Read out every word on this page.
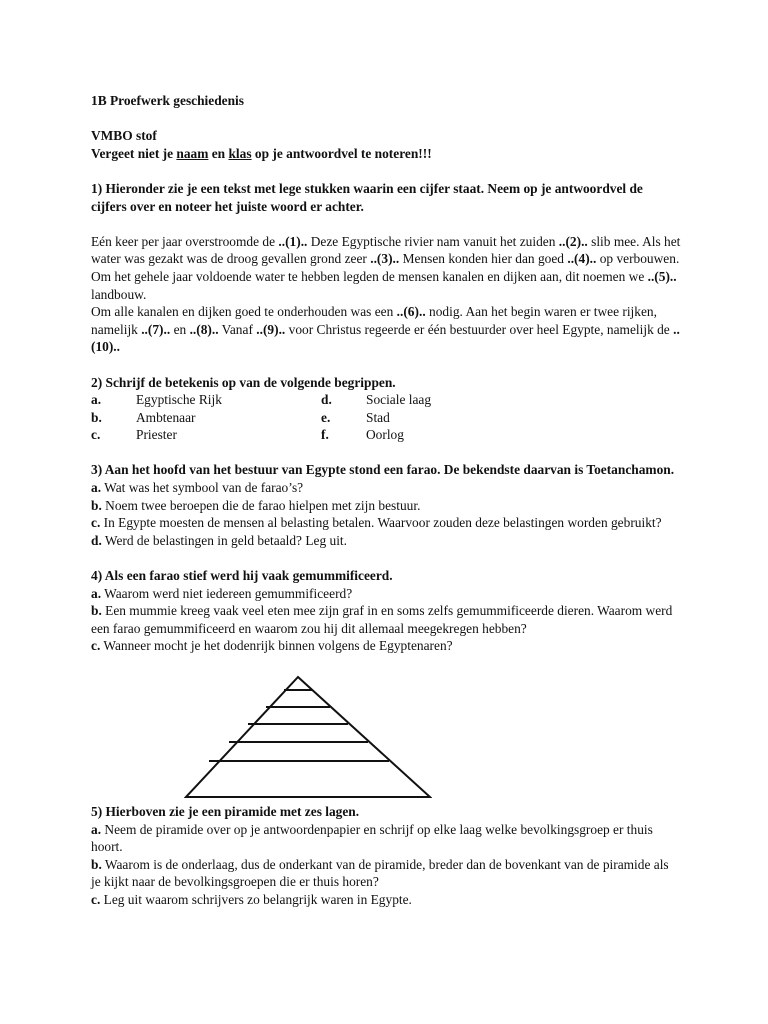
1B Proefwerk geschiedenis

VMBO stof

Vergeet niet je naam en klas op je antwoordvel te noteren!!!

1) Hieronder zie je een tekst met lege stukken waarin een cijfer staat. Neem op je antwoordvel de cijfers over en noteer het juiste woord er achter.

Eén keer per jaar overstroomde de ..(1).. Deze Egyptische rivier nam vanuit het zuiden ..(2).. slib mee. Als het water was gezakt was de droog gevallen grond zeer ..(3).. Mensen konden hier dan goed ..(4).. op verbouwen. Om het gehele jaar voldoende water te hebben legden de mensen kanalen en dijken aan, dit noemen we ..(5).. landbouw.

Om alle kanalen en dijken goed te onderhouden was een ..(6).. nodig. Aan het begin waren er twee rijken, namelijk ..(7).. en ..(8).. Vanaf ..(9).. voor Christus regeerde er één bestuurder over heel Egypte, namelijk de ..(10)..

2) Schrijf de betekenis op van de volgende begrippen.

a.	Egyptische Rijk	d.	Sociale laag
b.	Ambtenaar	e.	Stad
c.	Priester	f.	Oorlog

3) Aan het hoofd van het bestuur van Egypte stond een farao. De bekendste daarvan is Toetanchamon.

a. Wat was het symbool van de farao’s?

b. Noem twee beroepen die de farao hielpen met zijn bestuur.

c. In Egypte moesten de mensen al belasting betalen. Waarvoor zouden deze belastingen worden gebruikt?

d. Werd de belastingen in geld betaald? Leg uit.

4) Als een farao stief werd hij vaak gemummificeerd.

a. Waarom werd niet iedereen gemummificeerd?

b. Een mummie kreeg vaak veel eten mee zijn graf in en soms zelfs gemummificeerde dieren. Waarom werd een farao gemummificeerd en waarom zou hij dit allemaal meegekregen hebben?

c. Wanneer mocht je het dodenrijk binnen volgens de Egyptenaren?

5) Hierboven zie je een piramide met zes lagen.

a. Neem de piramide over op je antwoordenpapier en schrijf op elke laag welke bevolkingsgroep er thuis hoort.

b. Waarom is de onderlaag, dus de onderkant van de piramide, breder dan de bovenkant van de piramide als je kijkt naar de bevolkingsgroepen die er thuis horen?

c. Leg uit waarom schrijvers zo belangrijk waren in Egypte.
